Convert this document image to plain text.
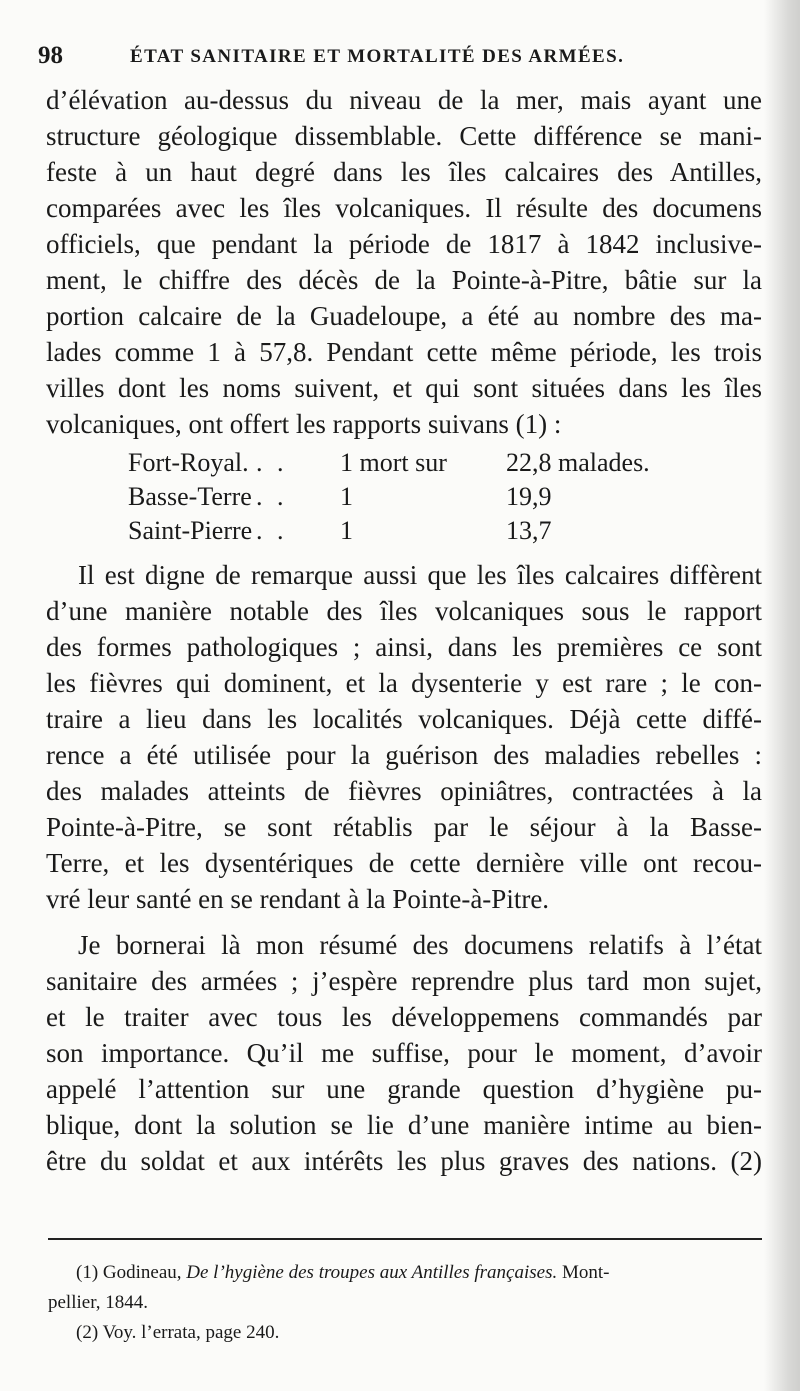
98	ÉTAT SANITAIRE ET MORTALITÉ DES ARMÉES.
d’élévation au-dessus du niveau de la mer, mais ayant une
structure géologique dissemblable. Cette différence se mani-
feste à un haut degré dans les îles calcaires des Antilles,
comparées avec les îles volcaniques. Il résulte des documens
officiels, que pendant la période de 1817 à 1842 inclusive-
ment, le chiffre des décès de la Pointe-à-Pitre, bâtie sur la
portion calcaire de la Guadeloupe, a été au nombre des ma-
lades comme 1 à 57,8. Pendant cette même période, les trois
villes dont les noms suivent, et qui sont situées dans les îles
volcaniques, ont offert les rapports suivans (1) :
Fort-Royal. . . 1 mort sur 22,8 malades.
Basse-Terre . . 1	19,9
Saint-Pierre . . 1	13,7
Il est digne de remarque aussi que les îles calcaires diffèrent
d’une manière notable des îles volcaniques sous le rapport
des formes pathologiques ; ainsi, dans les premières ce sont
les fièvres qui dominent, et la dysenterie y est rare ; le con-
traire a lieu dans les localités volcaniques. Déjà cette diffé-
rence a été utilisée pour la guérison des maladies rebelles :
des malades atteints de fièvres opiniâtres, contractées à la
Pointe-à-Pitre, se sont rétablis par le séjour à la Basse-
Terre, et les dysentériques de cette dernière ville ont recou-
vré leur santé en se rendant à la Pointe-à-Pitre.
Je bornerai là mon résumé des documens relatifs à l’état
sanitaire des armées ; j’espère reprendre plus tard mon sujet,
et le traiter avec tous les développemens commandés par
son importance. Qu’il me suffise, pour le moment, d’avoir
appelé l’attention sur une grande question d’hygiène pu-
blique, dont la solution se lie d’une manière intime au bien-
être du soldat et aux intérêts les plus graves des nations. (2)
(1) Godineau, De l’hygiène des troupes aux Antilles françaises. Mont-
pellier, 1844.
(2) Voy. l’errata, page 240.
